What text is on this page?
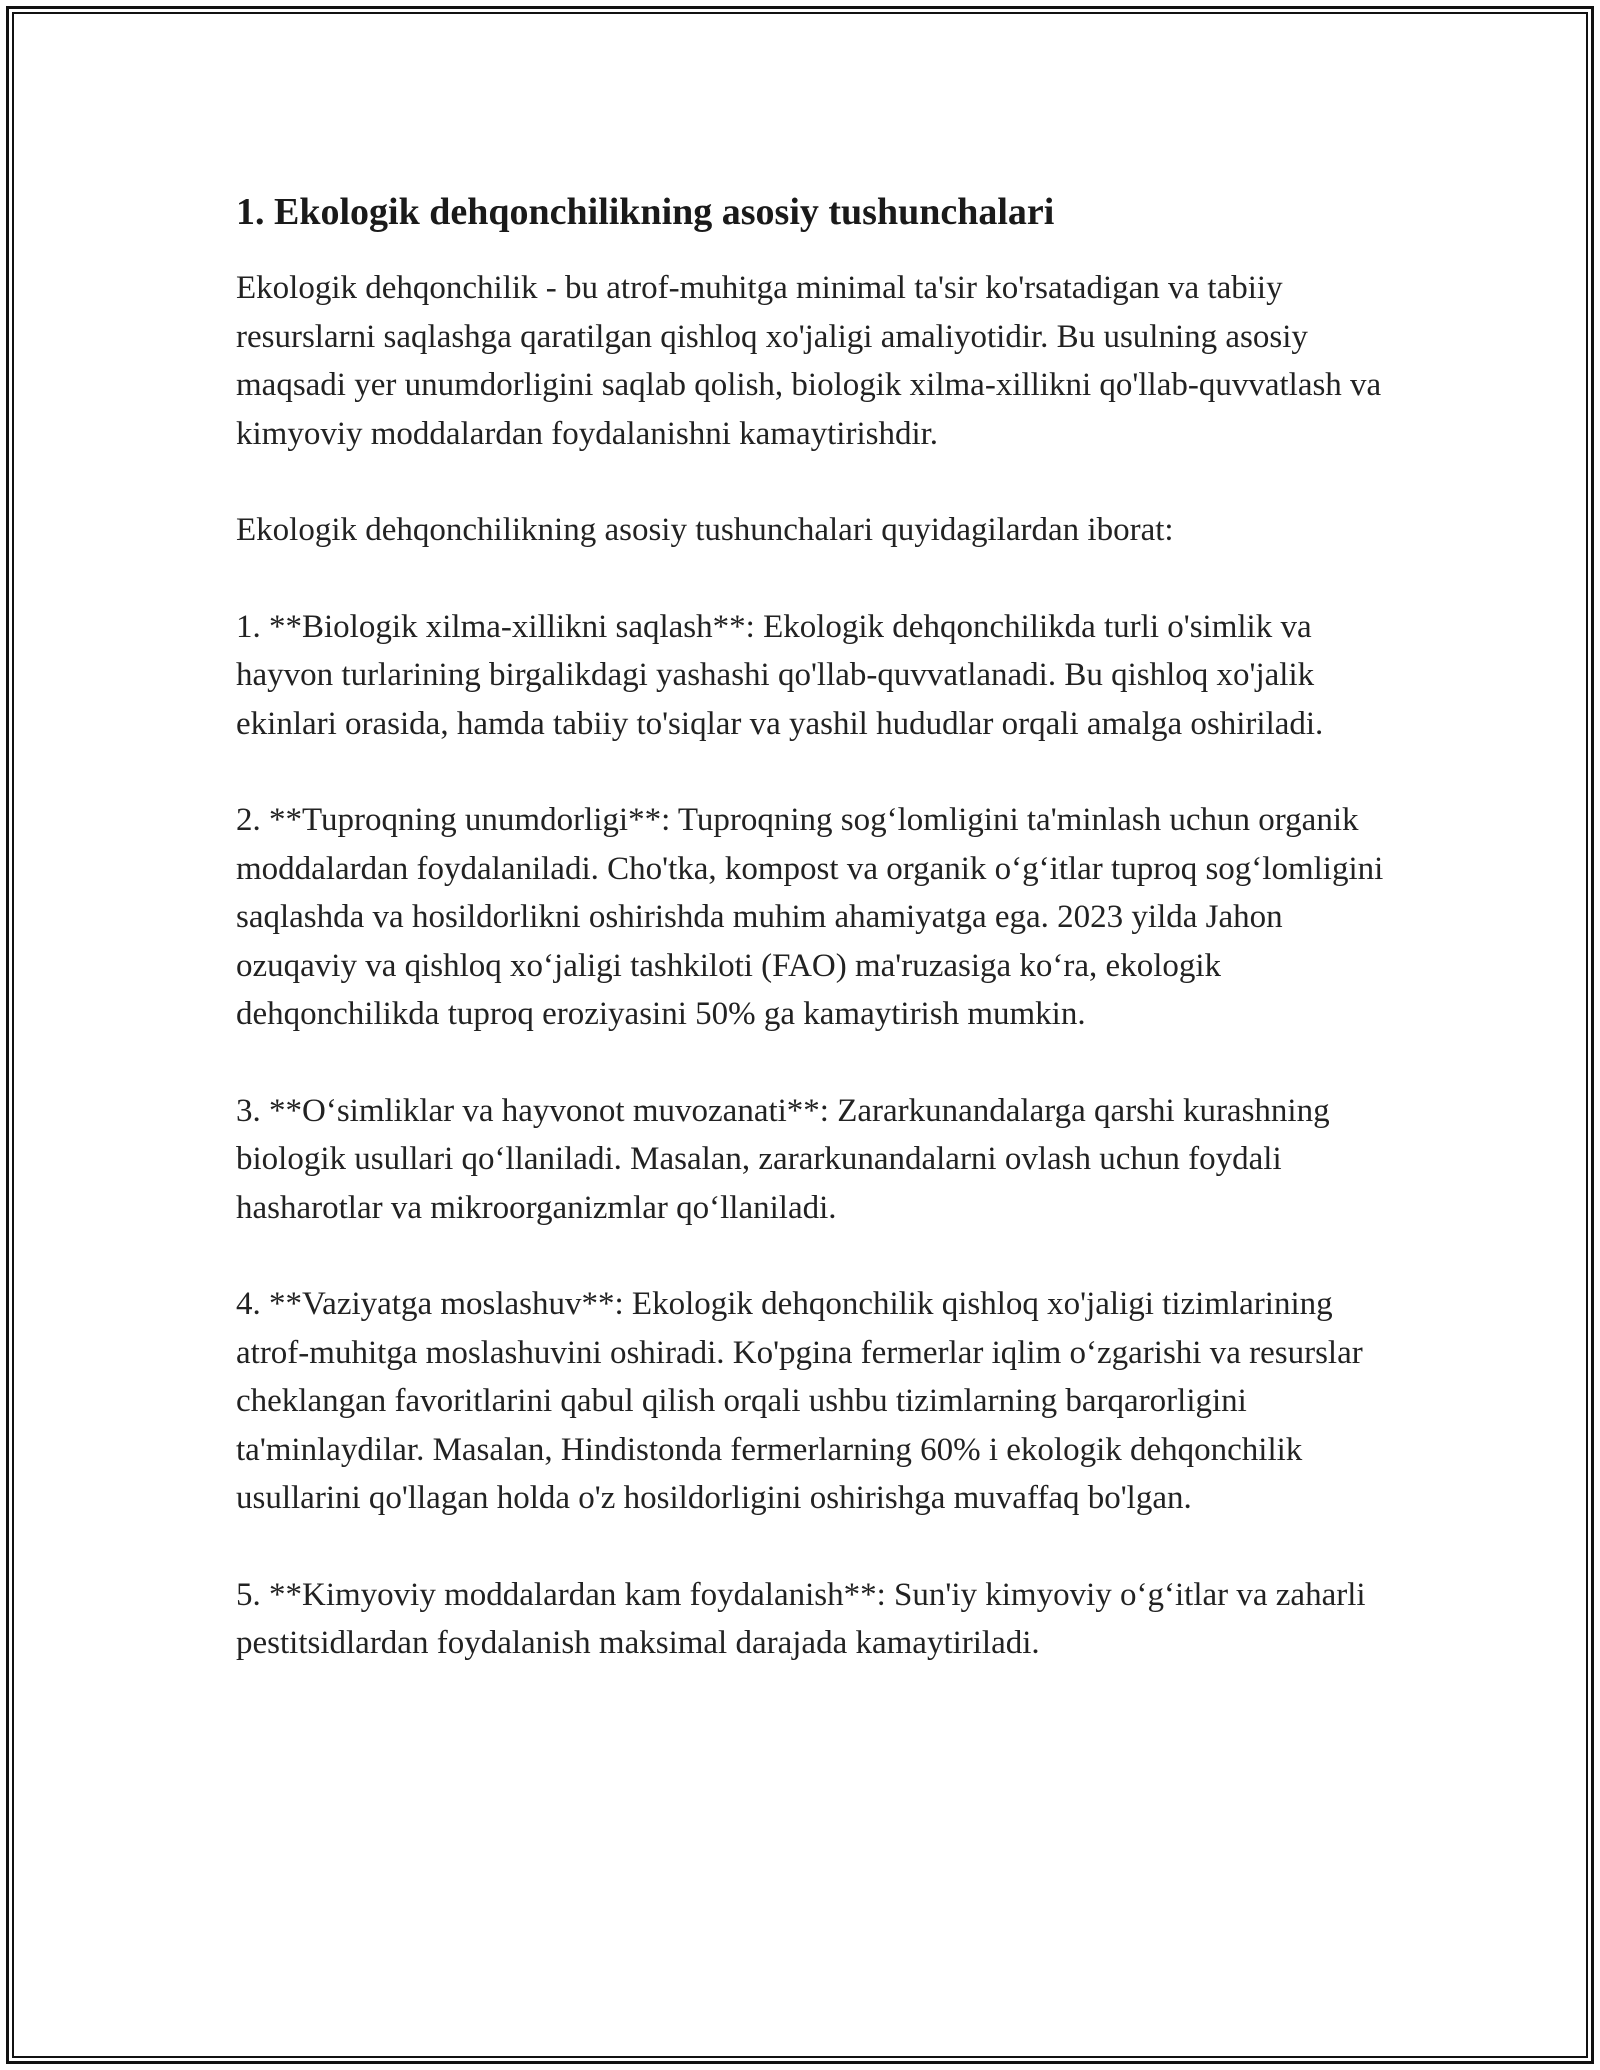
1. Ekologik dehqonchilikning asosiy tushunchalari

Ekologik dehqonchilik - bu atrof-muhitga minimal ta'sir ko'rsatadigan va tabiiy resurslarni saqlashga qaratilgan qishloq xo'jaligi amaliyotidir. Bu usulning asosiy maqsadi yer unumdorligini saqlab qolish, biologik xilma-xillikni qo'llab-quvvatlash va kimyoviy moddalardan foydalanishni kamaytirishdir.

Ekologik dehqonchilikning asosiy tushunchalari quyidagilardan iborat:

1. **Biologik xilma-xillikni saqlash**: Ekologik dehqonchilikda turli o'simlik va hayvon turlarining birgalikdagi yashashi qo'llab-quvvatlanadi. Bu qishloq xo'jalik ekinlari orasida, hamda tabiiy to'siqlar va yashil hududlar orqali amalga oshiriladi.

2. **Tuproqning unumdorligi**: Tuproqning sog‘lomligini ta'minlash uchun organik moddalardan foydalaniladi. Cho'tka, kompost va organik o‘g‘itlar tuproq sog‘lomligini saqlashda va hosildorlikni oshirishda muhim ahamiyatga ega. 2023 yilda Jahon ozuqaviy va qishloq xo‘jaligi tashkiloti (FAO) ma'ruzasiga ko‘ra, ekologik dehqonchilikda tuproq eroziyasini 50% ga kamaytirish mumkin.

3. **O‘simliklar va hayvonot muvozanati**: Zararkunandalarga qarshi kurashning biologik usullari qo‘llaniladi. Masalan, zararkunandalarni ovlash uchun foydali hasharotlar va mikroorganizmlar qo‘llaniladi.

4. **Vaziyatga moslashuv**: Ekologik dehqonchilik qishloq xo'jaligi tizimlarining atrof-muhitga moslashuvini oshiradi. Ko'pgina fermerlar iqlim o‘zgarishi va resurslar cheklangan favoritlarini qabul qilish orqali ushbu tizimlarning barqarorligini ta'minlaydilar. Masalan, Hindistonda fermerlarning 60% i ekologik dehqonchilik usullarini qo'llagan holda o'z hosildorligini oshirishga muvaffaq bo'lgan.

5. **Kimyoviy moddalardan kam foydalanish**: Sun'iy kimyoviy o‘g‘itlar va zaharli pestitsidlardan foydalanish maksimal darajada kamaytiriladi.
